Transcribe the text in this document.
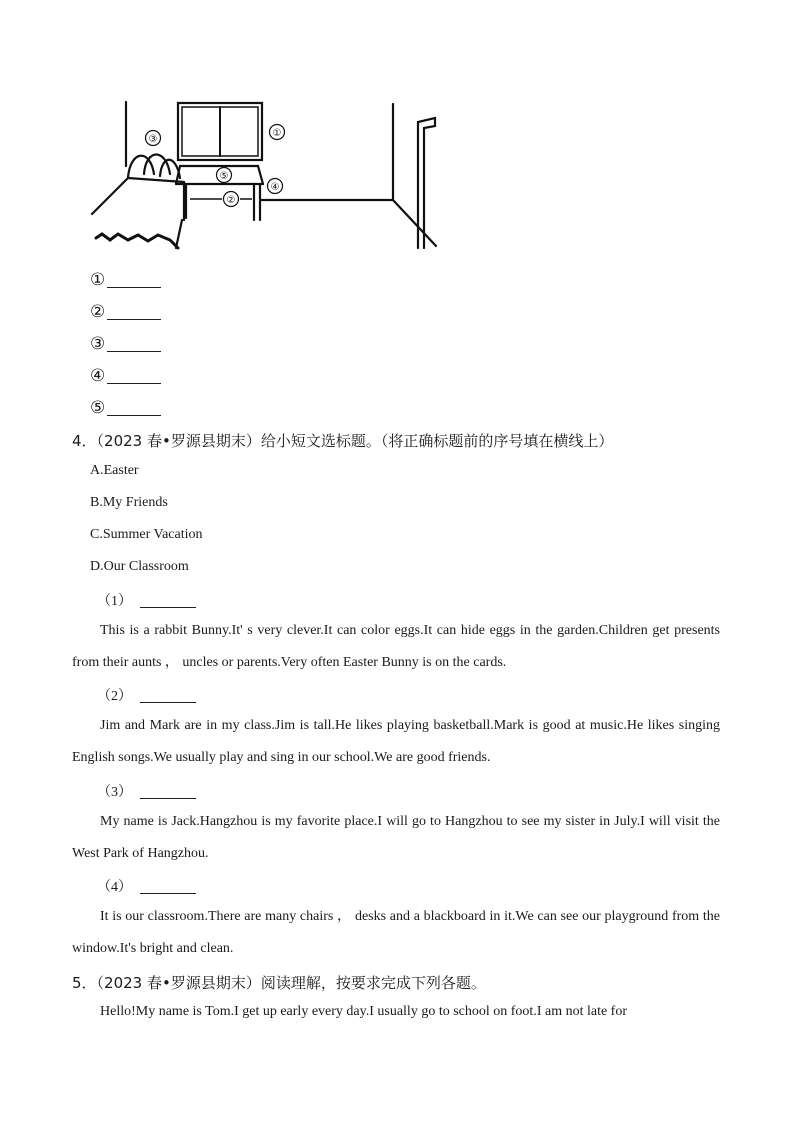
③
①
④
⑤
②
①
②
③
④
⑤
4．（2023 春•罗源县期末）给小短文选标题。（将正确标题前的序号填在横线上）
A.Easter
B.My Friends
C.Summer Vacation
D.Our Classroom
（1）
This is a rabbit Bunny.It' s very clever.It can color eggs.It can hide eggs in the garden.Children get presents from their aunts ， uncles or parents.Very often Easter Bunny is on the cards.
（2）
Jim and Mark are in my class.Jim is tall.He likes playing basketball.Mark is good at music.He likes singing English songs.We usually play and sing in our school.We are good friends.
（3）
My name is Jack.Hangzhou is my favorite place.I will go to Hangzhou to see my sister in July.I will visit the West Park of Hangzhou.
（4）
It is our classroom.There are many chairs ， desks and a blackboard in it.We can see our playground from the window.It's bright and clean.
5．（2023 春•罗源县期末）阅读理解，按要求完成下列各题。
Hello!My name is Tom.I get up early every day.I usually go to school on foot.I am not late for
